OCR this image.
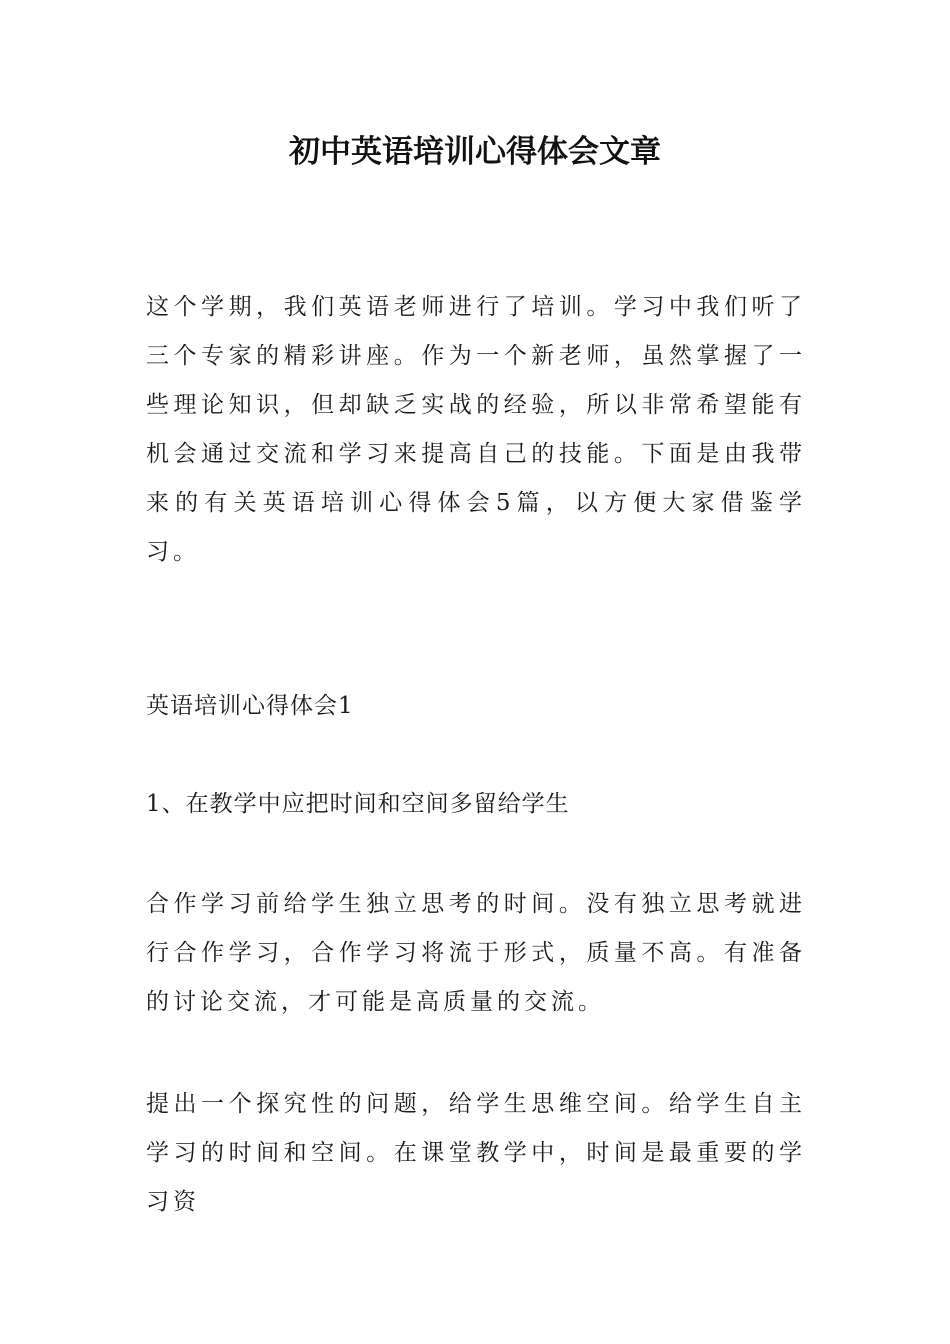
初中英语培训心得体会文章

这个学期，我们英语老师进行了培训。学习中我们听了三个专家的精彩讲座。作为一个新老师，虽然掌握了一些理论知识，但却缺乏实战的经验，所以非常希望能有机会通过交流和学习来提高自己的技能。下面是由我带来的有关英语培训心得体会5篇，以方便大家借鉴学习。

英语培训心得体会1

1、在教学中应把时间和空间多留给学生

合作学习前给学生独立思考的时间。没有独立思考就进行合作学习，合作学习将流于形式，质量不高。有准备的讨论交流，才可能是高质量的交流。

提出一个探究性的问题，给学生思维空间。给学生自主学习的时间和空间。在课堂教学中，时间是最重要的学习资
